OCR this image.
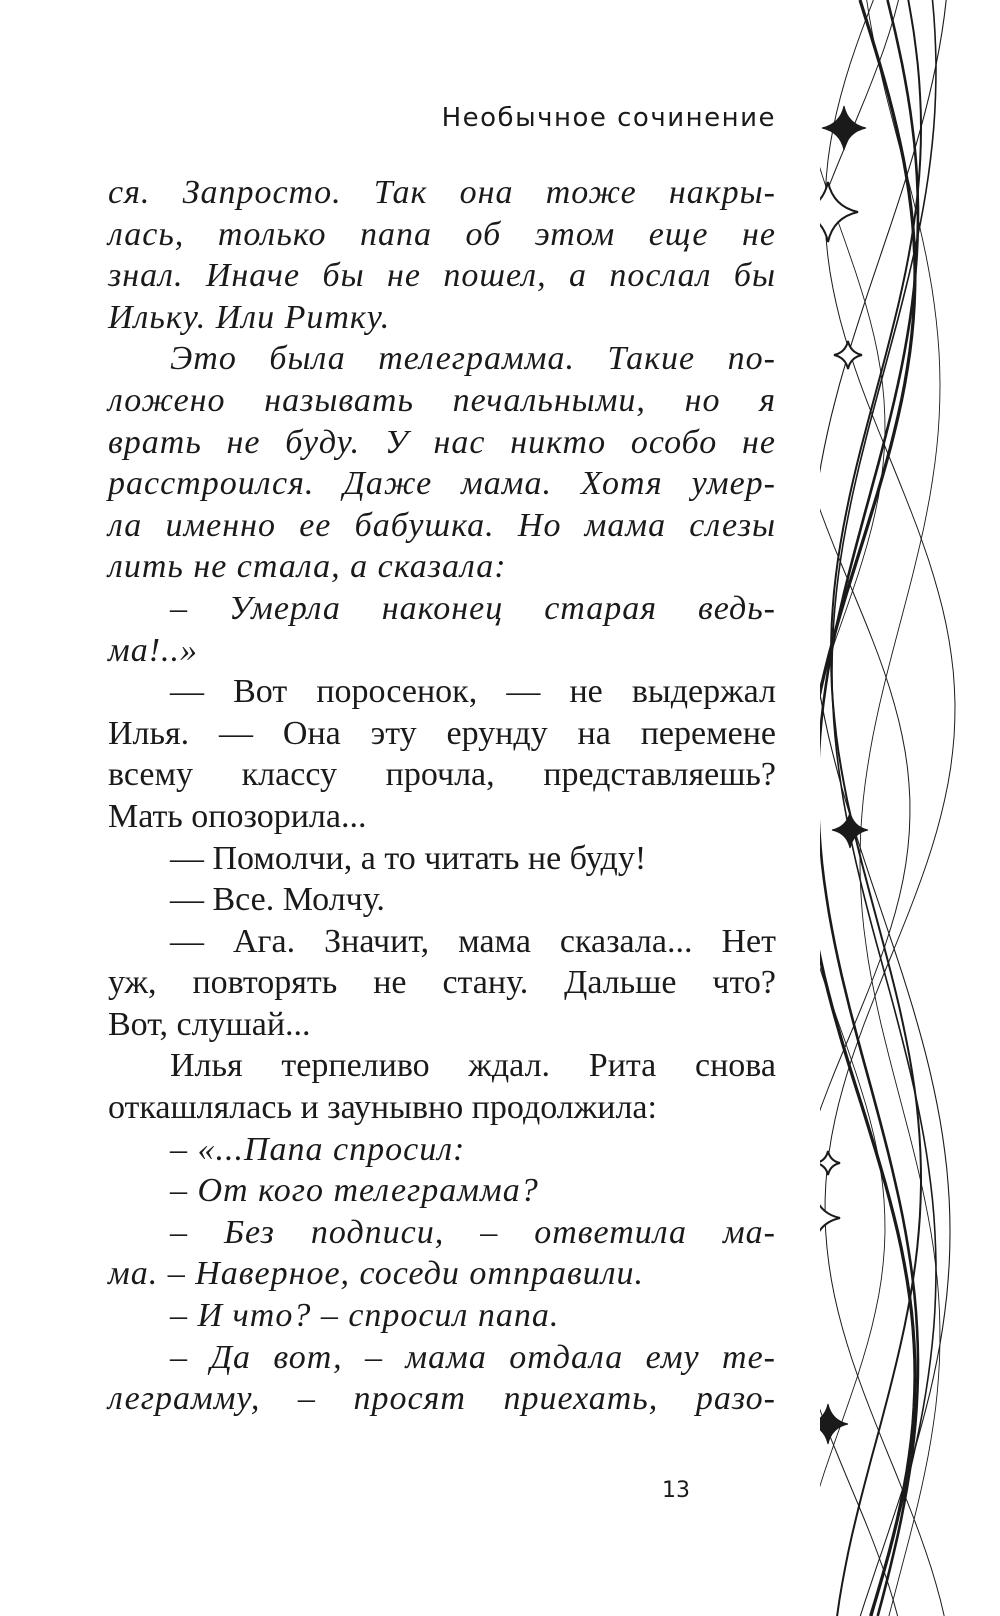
Необычное сочинение
ся. Запросто. Так она тоже накры-
лась, только папа об этом еще не
знал. Иначе бы не пошел, а послал бы
Ильку. Или Ритку.
Это была телеграмма. Такие по-
ложено называть печальными, но я
врать не буду. У нас никто особо не
расстроился. Даже мама. Хотя умер-
ла именно ее бабушка. Но мама слезы
лить не стала, а сказала:
– Умерла наконец старая ведь-
ма!..»
— Вот поросенок, — не выдержал
Илья. — Она эту ерунду на перемене
всему классу прочла, представляешь?
Мать опозорила...
— Помолчи, а то читать не буду!
— Все. Молчу.
— Ага. Значит, мама сказала... Нет
уж, повторять не стану. Дальше что?
Вот, слушай...
Илья терпеливо ждал. Рита снова
откашлялась и заунывно продолжила:
– «...Папа спросил:
– От кого телеграмма?
– Без подписи, – ответила ма-
ма. – Наверное, соседи отправили.
– И что? – спросил папа.
– Да вот, – мама отдала ему те-
леграмму, – просят приехать, разо-
13
